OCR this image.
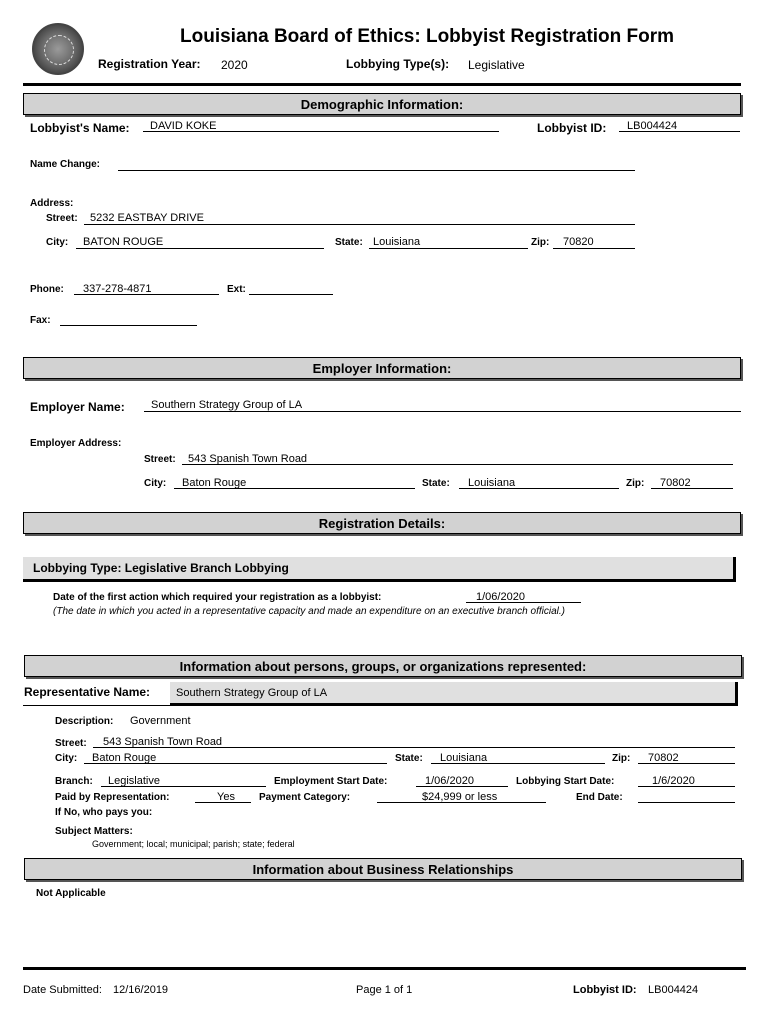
Louisiana Board of Ethics: Lobbyist Registration Form
Registration Year: 2020	Lobbying Type(s): Legislative
Demographic Information:
Lobbyist's Name: DAVID KOKE	Lobbyist ID: LB004424
Name Change:
Address:
Street: 5232 EASTBAY DRIVE
City: BATON ROUGE	State: Louisiana	Zip: 70820
Phone: 337-278-4871	Ext:
Fax:
Employer Information:
Employer Name: Southern Strategy Group of LA
Employer Address:
Street: 543 Spanish Town Road
City: Baton Rouge	State: Louisiana	Zip: 70802
Registration Details:
Lobbying Type: Legislative Branch Lobbying
Date of the first action which required your registration as a lobbyist:	1/06/2020
(The date in which you acted in a representative capacity and made an expenditure on an executive branch official.)
Information about persons, groups, or organizations represented:
Representative Name:	Southern Strategy Group of LA
Description: Government
Street: 543 Spanish Town Road
City: Baton Rouge	State: Louisiana	Zip: 70802
Branch: Legislative	Employment Start Date:	1/06/2020	Lobbying Start Date:	1/6/2020
Paid by Representation:	Yes Payment Category:	$24,999 or less	End Date:
If No, who pays you:
Subject Matters:
Government; local; municipal; parish; state; federal
Information about Business Relationships
Not Applicable
Date Submitted: 12/16/2019	Page 1 of 1	Lobbyist ID: LB004424
